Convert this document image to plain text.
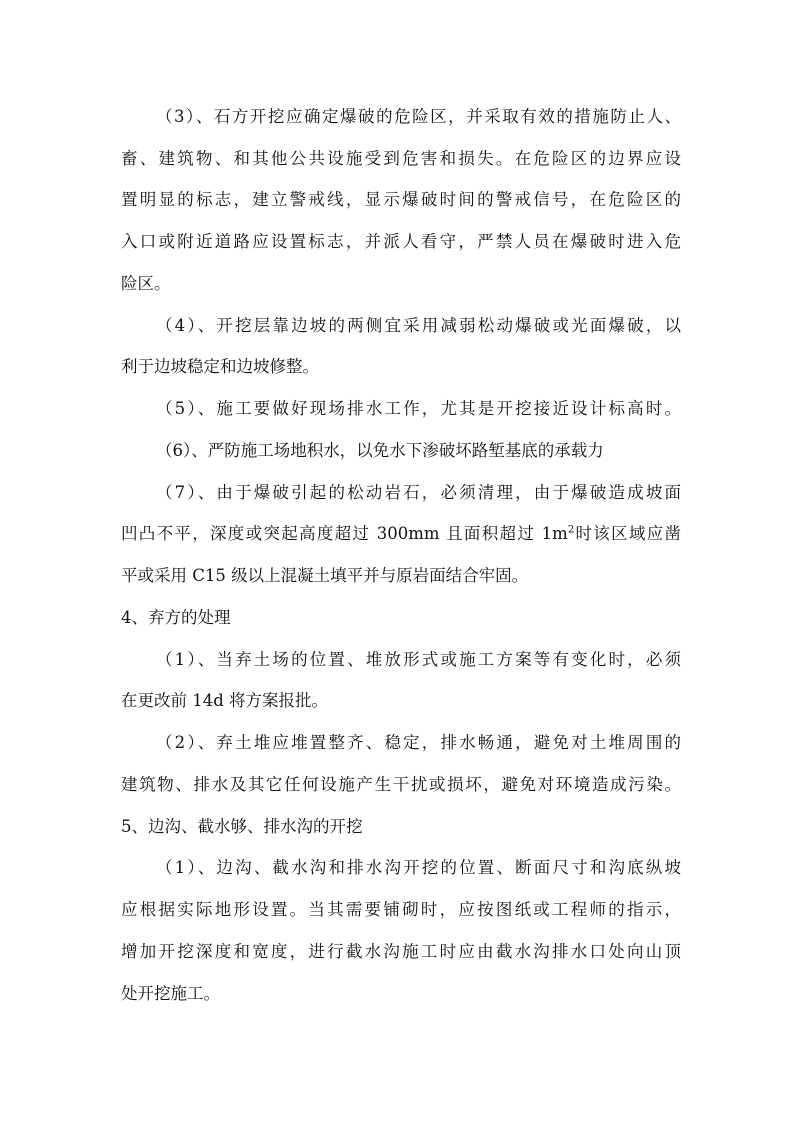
（3）、石方开挖应确定爆破的危险区，并采取有效的措施防止人、
畜、建筑物、和其他公共设施受到危害和损失。在危险区的边界应设
置明显的标志，建立警戒线，显示爆破时间的警戒信号，在危险区的
入口或附近道路应设置标志，并派人看守，严禁人员在爆破时进入危
险区。
（4）、开挖层靠边坡的两侧宜采用减弱松动爆破或光面爆破，以
利于边坡稳定和边坡修整。
（5）、施工要做好现场排水工作，尤其是开挖接近设计标高时。
（6）、严防施工场地积水，以免水下渗破坏路堑基底的承载力
（7）、由于爆破引起的松动岩石，必须清理，由于爆破造成坡面
凹凸不平，深度或突起高度超过 300mm 且面积超过 $1m^2$时该区域应凿
平或采用 C15 级以上混凝土填平并与原岩面结合牢固。
4、弃方的处理
（1）、当弃土场的位置、堆放形式或施工方案等有变化时，必须
在更改前 14d 将方案报批。
（2）、弃土堆应堆置整齐、稳定，排水畅通，避免对土堆周围的
建筑物、排水及其它任何设施产生干扰或损坏，避免对环境造成污染。
5、边沟、截水够、排水沟的开挖
（1）、边沟、截水沟和排水沟开挖的位置、断面尺寸和沟底纵坡
应根据实际地形设置。当其需要铺砌时，应按图纸或工程师的指示，
增加开挖深度和宽度，进行截水沟施工时应由截水沟排水口处向山顶
处开挖施工。
